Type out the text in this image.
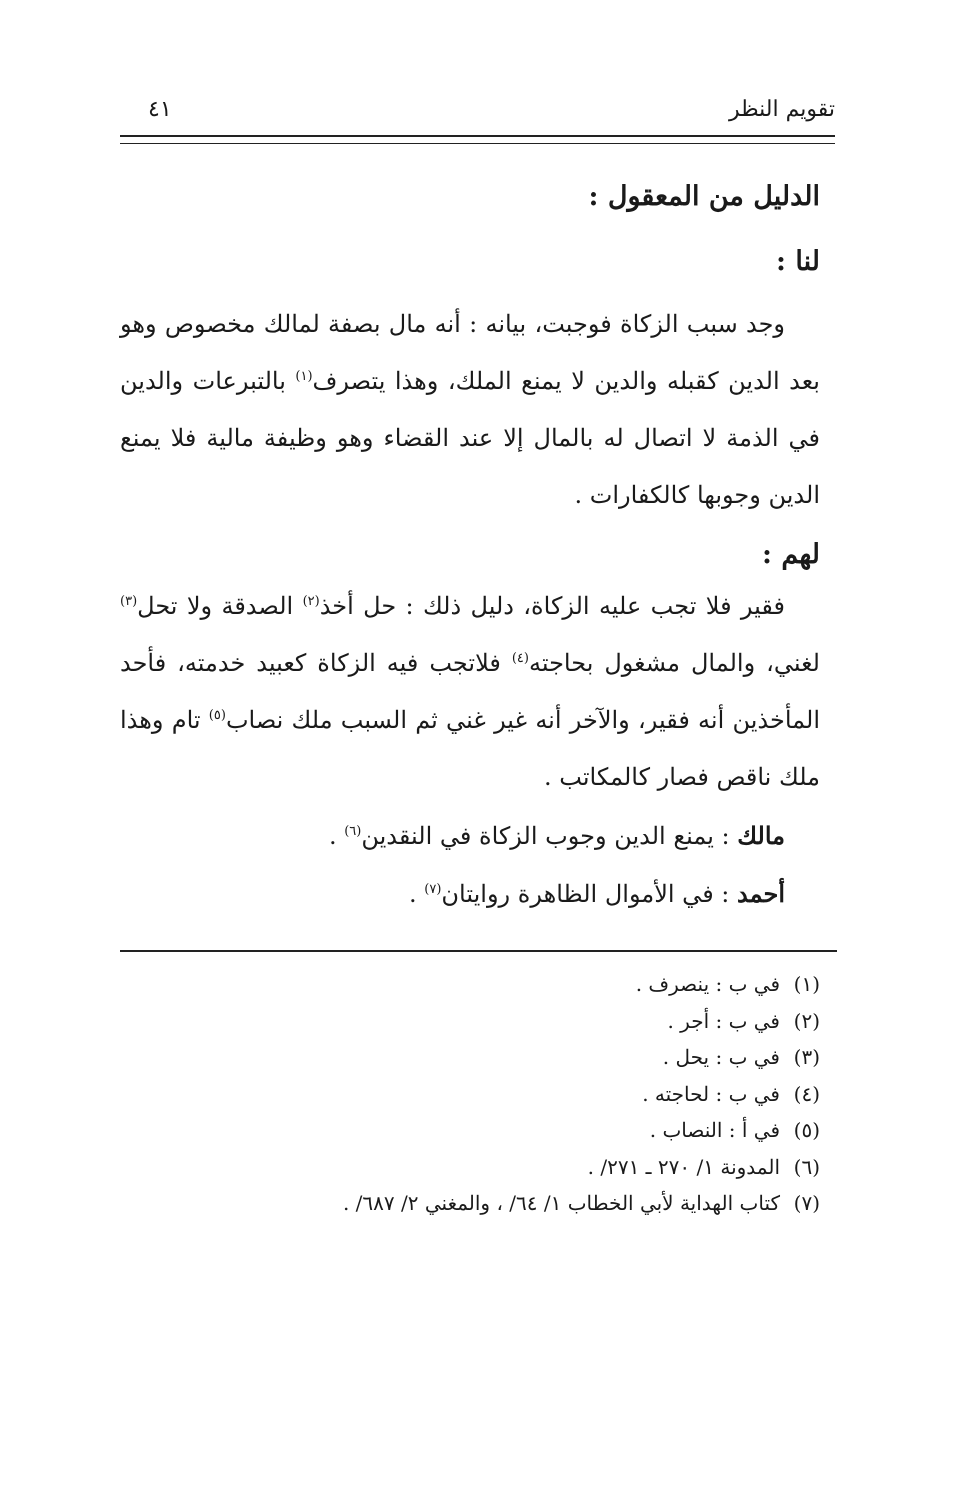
تقويم النظر
٤١
الدليل من المعقول :
لنا :
وجد سبب الزكاة فوجبت، بيانه : أنه مال بصفة لمالك مخصوص وهو بعد الدين كقبله والدين لا يمنع الملك، وهذا يتصرف$^{(١)}$ بالتبرعات والدين في الذمة لا اتصال له بالمال إلا عند القضاء وهو وظيفة مالية فلا يمنع الدين وجوبها كالكفارات .
لهم :
فقير فلا تجب عليه الزكاة، دليل ذلك : حل أخذ$^{(٢)}$ الصدقة ولا تحل$^{(٣)}$ لغني، والمال مشغول بحاجته$^{(٤)}$ فلاتجب فيه الزكاة كعبيد خدمته، فأحد المأخذين أنه فقير، والآخر أنه غير غني ثم السبب ملك نصاب$^{(٥)}$ تام وهذا ملك ناقص فصار كالمكاتب .
مالك : يمنع الدين وجوب الزكاة في النقدين$^{(٦)}$ .
أحمد : في الأموال الظاهرة روايتان$^{(٧)}$ .
(١)في ب : ينصرف .
(٢)في ب : أجر .
(٣)في ب : يحل .
(٤)في ب : لحاجته .
(٥)في أ : النصاب .
(٦)المدونة ١/ ٢٧٠ ـ ٢٧١/ .
(٧)كتاب الهداية لأبي الخطاب ١/ ٦٤/ ، والمغني ٢/ ٦٨٧/ .
